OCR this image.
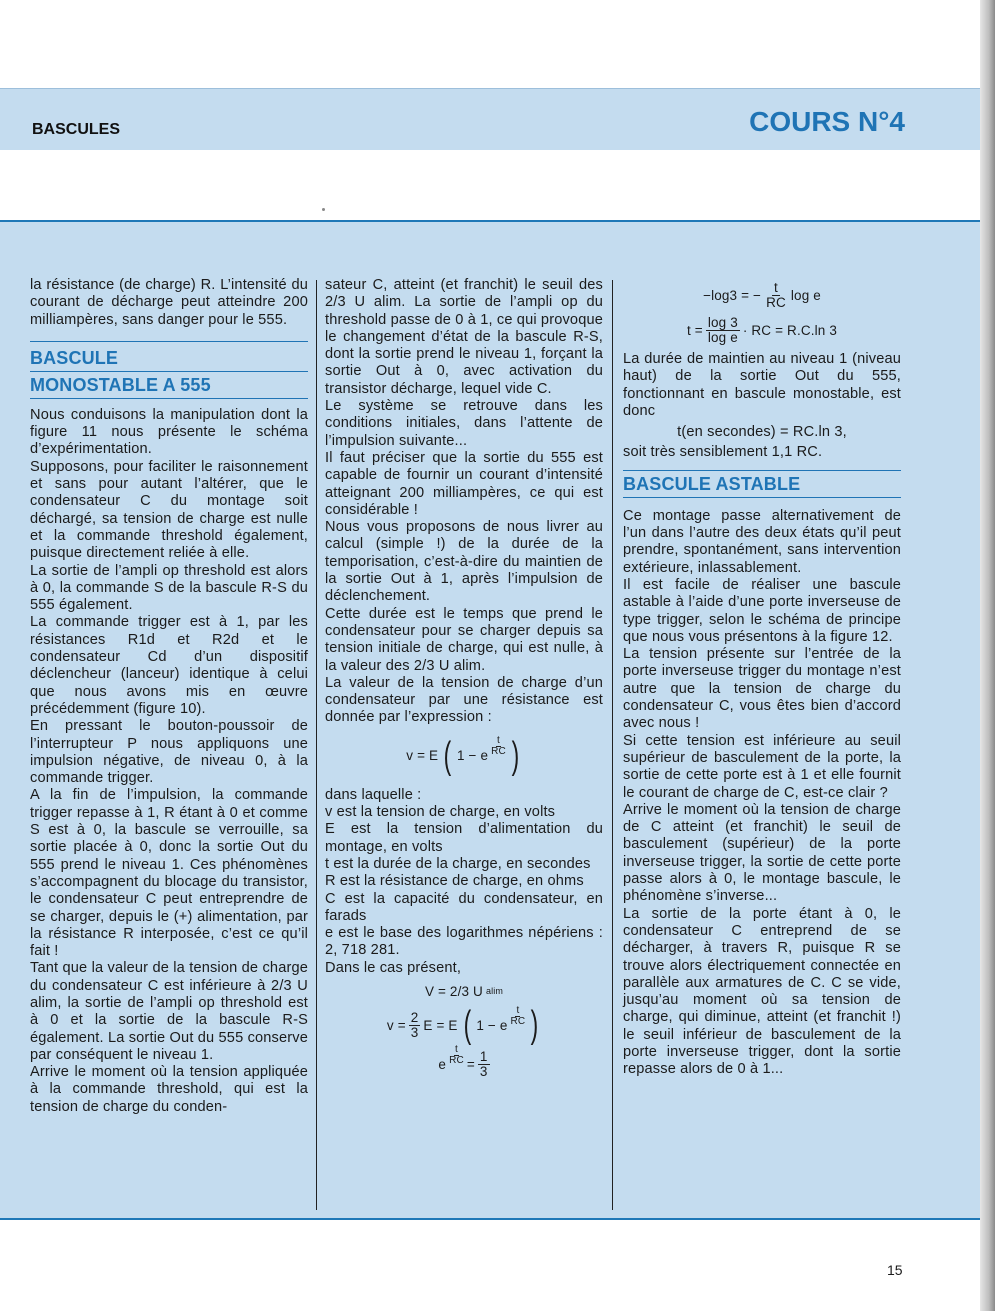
BASCULES	COURS N°4

la résistance (de charge) R. L’intensité du courant de décharge peut atteindre 200 milliampères, sans danger pour le 555.

BASCULE
MONOSTABLE A 555

Nous conduisons la manipulation dont la figure 11 nous présente le schéma d’expérimentation.

Supposons, pour faciliter le raisonnement et sans pour autant l’altérer, que le condensateur C du montage soit déchargé, sa tension de charge est nulle et la commande threshold également, puisque directement reliée à elle.

La sortie de l’ampli op threshold est alors à 0, la commande S de la bascule R-S du 555 également.

La commande trigger est à 1, par les résistances R1d et R2d et le condensateur Cd d’un dispositif déclencheur (lanceur) identique à celui que nous avons mis en œuvre précédemment (figure 10).

En pressant le bouton-poussoir de l’interrupteur P nous appliquons une impulsion négative, de niveau 0, à la commande trigger.

A la fin de l’impulsion, la commande trigger repasse à 1, R étant à 0 et comme S est à 0, la bascule se verrouille, sa sortie placée à 0, donc la sortie Out du 555 prend le niveau 1. Ces phénomènes s’accompagnent du blocage du transistor, le condensateur C peut entreprendre de se charger, depuis le (+) alimentation, par la résistance R interposée, c’est ce qu’il fait !

Tant que la valeur de la tension de charge du condensateur C est inférieure à 2/3 U alim, la sortie de l’ampli op threshold est à 0 et la sortie de la bascule R-S également. La sortie Out du 555 conserve par conséquent le niveau 1.

Arrive le moment où la tension appliquée à la commande threshold, qui est la tension de charge du conden-

sateur C, atteint (et franchit) le seuil des 2/3 U alim. La sortie de l’ampli op du threshold passe de 0 à 1, ce qui provoque le changement d’état de la bascule R-S, dont la sortie prend le niveau 1, forçant la sortie Out à 0, avec activation du transistor décharge, lequel vide C.

Le système se retrouve dans les conditions initiales, dans l’attente de l’impulsion suivante...

Il faut préciser que la sortie du 555 est capable de fournir un courant d’intensité atteignant 200 milliampères, ce qui est considérable !

Nous vous proposons de nous livrer au calcul (simple !) de la durée de la temporisation, c’est-à-dire du maintien de la sortie Out à 1, après l’impulsion de déclenchement.

Cette durée est le temps que prend le condensateur pour se charger depuis sa tension initiale de charge, qui est nulle, à la valeur des 2/3 U alim.

La valeur de la tension de charge d’un condensateur par une résistance est donnée par l’expression :

v = E ( 1 − e $\frac{t}{RC}$ )

dans laquelle :

v est la tension de charge, en volts

E est la tension d’alimentation du montage, en volts

t est la durée de la charge, en secondes

R est la résistance de charge, en ohms

C est la capacité du condensateur, en farads

e est le base des logarithmes népériens : 2, 718 281.

Dans le cas présent,

V = 2/3 U alim
$v = \frac{2}{3}$ E = E ( 1 − e $\frac{t}{RC}$ )
e $\frac{t}{RC} = \frac{1}{3}$
−log3 = − $\frac{t}{RC}$ log e
$t = \frac{\log 3}{\text{log e}}$ · RC = R.C.ln 3

La durée de maintien au niveau 1 (niveau haut) de la sortie Out du 555, fonctionnant en bascule monostable, est donc

t(en secondes) = RC.ln 3,

soit très sensiblement 1,1 RC.

BASCULE ASTABLE

Ce montage passe alternativement de l’un dans l’autre des deux états qu’il peut prendre, spontanément, sans intervention extérieure, inlassablement.

Il est facile de réaliser une bascule astable à l’aide d’une porte inverseuse de type trigger, selon le schéma de principe que nous vous présentons à la figure 12.

La tension présente sur l’entrée de la porte inverseuse trigger du montage n’est autre que la tension de charge du condensateur C, vous êtes bien d’accord avec nous !

Si cette tension est inférieure au seuil supérieur de basculement de la porte, la sortie de cette porte est à 1 et elle fournit le courant de charge de C, est-ce clair ?

Arrive le moment où la tension de charge de C atteint (et franchit) le seuil de basculement (supérieur) de la porte inverseuse trigger, la sortie de cette porte passe alors à 0, le montage bascule, le phénomène s’inverse...

La sortie de la porte étant à 0, le condensateur C entreprend de se décharger, à travers R, puisque R se trouve alors électriquement connectée en parallèle aux armatures de C. C se vide, jusqu’au moment où sa tension de charge, qui diminue, atteint (et franchit !) le seuil inférieur de basculement de la porte inverseuse trigger, dont la sortie repasse alors de 0 à 1...

15
